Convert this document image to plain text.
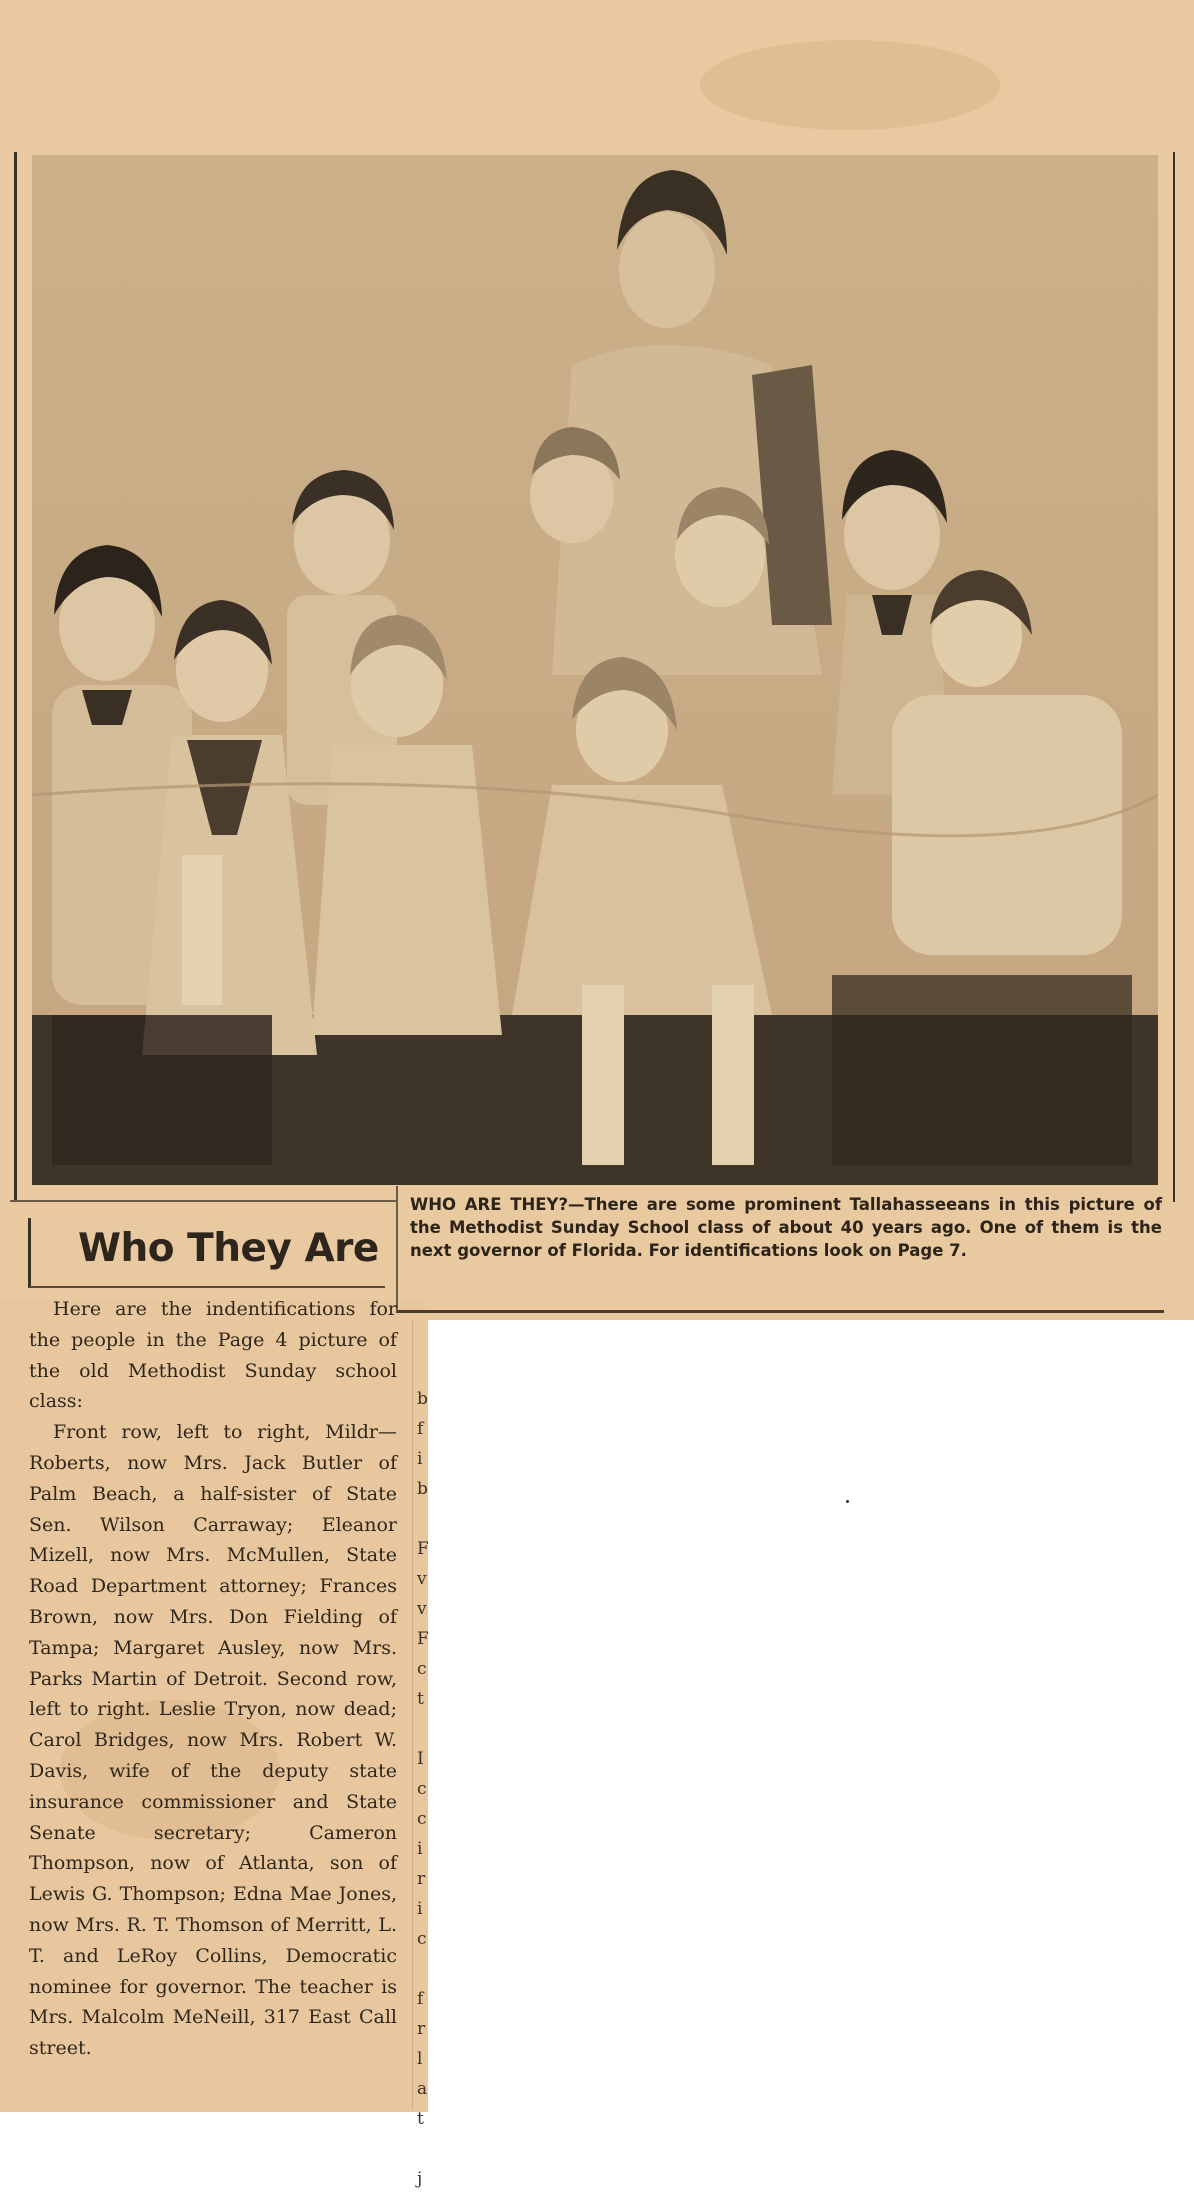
WHO ARE THEY?—There are some prominent Tallahasseeans in this picture of the Methodist Sunday School class of about 40 years ago. One of them is the next governor of Florida. For identifications look on Page 7.
Who They Are

Here are the indentifications for the people in the Page 4 picture of the old Methodist Sunday school class:

Front row, left to right, Mildr— Roberts, now Mrs. Jack Butler of Palm Beach, a half-sister of State Sen. Wilson Carraway; Eleanor Mizell, now Mrs. McMullen, State Road Department attorney; Frances Brown, now Mrs. Don Fielding of Tampa; Margaret Ausley, now Mrs. Parks Martin of Detroit. Second row, left to right. Leslie Tryon, now dead; Carol Bridges, now Mrs. Robert W. Davis, wife of the deputy state insurance commissioner and State Senate secretary; Cameron Thompson, now of Atlanta, son of Lewis G. Thompson; Edna Mae Jones, now Mrs. R. T. Thomson of Merritt, L. T. and LeRoy Collins, Democratic nominee for governor. The teacher is Mrs. Malcolm MeNeill, 317 East Call street.

b
f
i
b

F
v
v
F
c
t

I
c
c
i
r
i
c

f
r
l
a
t

j
